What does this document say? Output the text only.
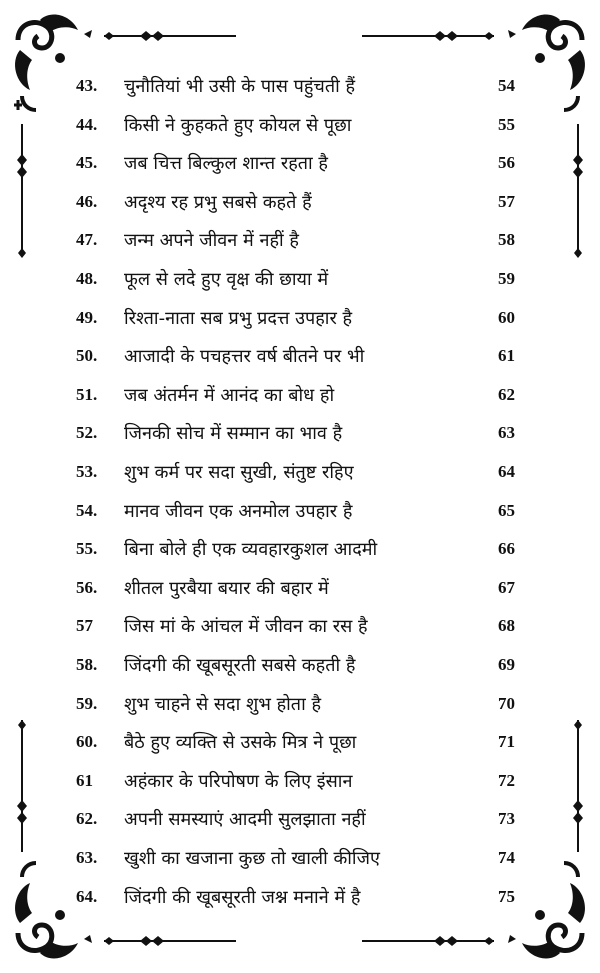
43. चुनौतियां भी उसी के पास पहुंचती हैं	54
44. किसी ने कुहकते हुए कोयल से पूछा	55
45. जब चित्त बिल्कुल शान्त रहता है	56
46. अदृश्य रह प्रभु सबसे कहते हैं	57
47. जन्म अपने जीवन में नहीं है	58
48. फूल से लदे हुए वृक्ष की छाया में	59
49. रिश्ता-नाता सब प्रभु प्रदत्त उपहार है	60
50. आजादी के पचहत्तर वर्ष बीतने पर भी	61
51. जब अंतर्मन में आनंद का बोध हो	62
52. जिनकी सोच में सम्मान का भाव है	63
53. शुभ कर्म पर सदा सुखी, संतुष्ट रहिए	64
54. मानव जीवन एक अनमोल उपहार है	65
55. बिना बोले ही एक व्यवहारकुशल आदमी	66
56. शीतल पुरबैया बयार की बहार में	67
57 जिस मां के आंचल में जीवन का रस है	68
58. जिंदगी की खूबसूरती सबसे कहती है	69
59. शुभ चाहने से सदा शुभ होता है	70
60. बैठे हुए व्यक्ति से उसके मित्र ने पूछा	71
61 अहंकार के परिपोषण के लिए इंसान	72
62. अपनी समस्याएं आदमी सुलझाता नहीं	73
63. खुशी का खजाना कुछ तो खाली कीजिए	74
64. जिंदगी की खूबसूरती जश्न मनाने में है	75
